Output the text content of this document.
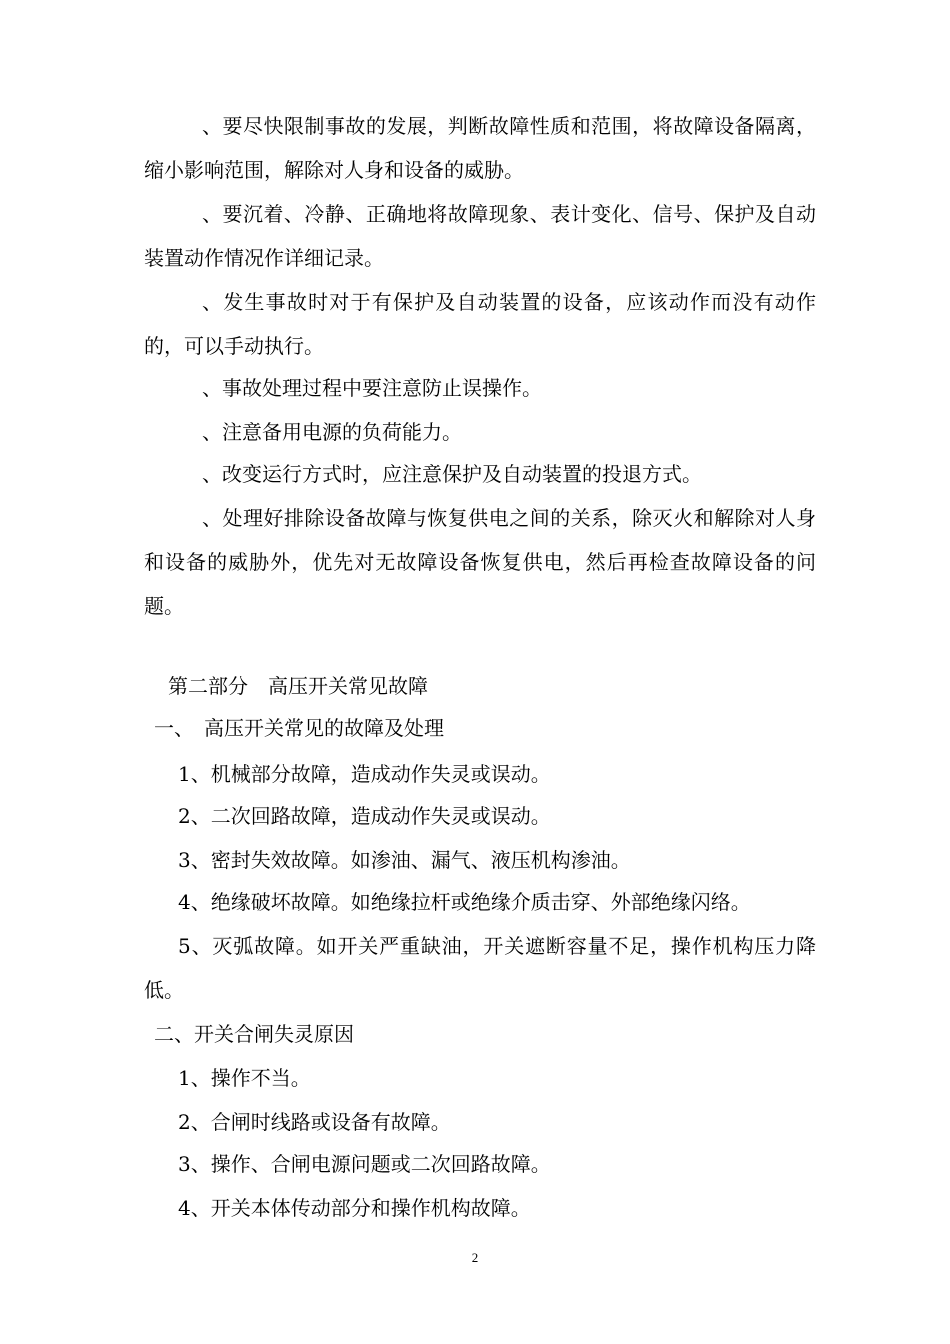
、要尽快限制事故的发展，判断故障性质和范围，将故障设备隔离，缩小影响范围，解除对人身和设备的威胁。

、要沉着、冷静、正确地将故障现象、表计变化、信号、保护及自动装置动作情况作详细记录。

、发生事故时对于有保护及自动装置的设备，应该动作而没有动作的，可以手动执行。

、事故处理过程中要注意防止误操作。

、注意备用电源的负荷能力。

、改变运行方式时，应注意保护及自动装置的投退方式。

、处理好排除设备故障与恢复供电之间的关系，除灭火和解除对人身和设备的威胁外，优先对无故障设备恢复供电，然后再检查故障设备的问题。

第二部分　高压开关常见故障

一、　高压开关常见的故障及处理

1、机械部分故障，造成动作失灵或误动。

2、二次回路故障，造成动作失灵或误动。

3、密封失效故障。如渗油、漏气、液压机构渗油。

4、绝缘破坏故障。如绝缘拉杆或绝缘介质击穿、外部绝缘闪络。

5、灭弧故障。如开关严重缺油，开关遮断容量不足，操作机构压力降低。

二、开关合闸失灵原因

1、操作不当。

2、合闸时线路或设备有故障。

3、操作、合闸电源问题或二次回路故障。

4、开关本体传动部分和操作机构故障。

2
